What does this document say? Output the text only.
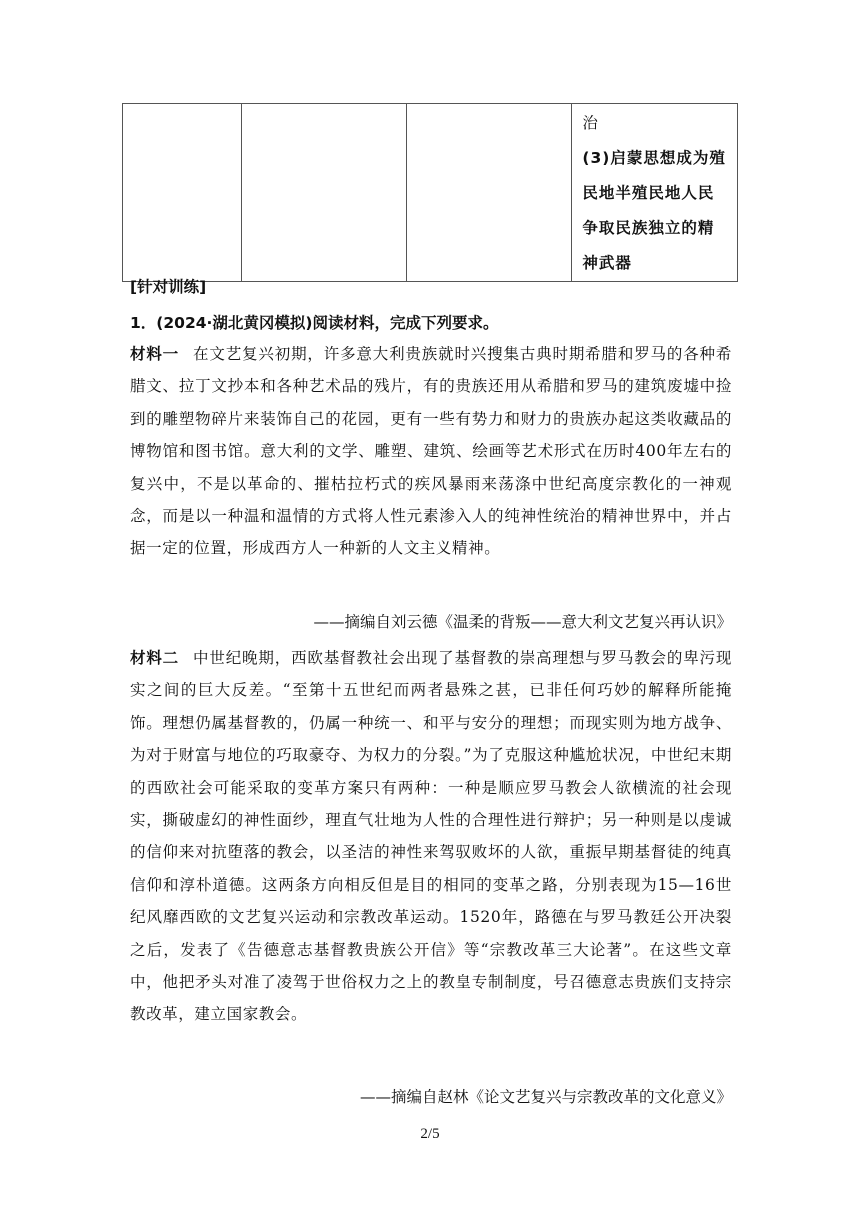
治
(3)启蒙思想成为殖
民地半殖民地人民
争取民族独立的精
神武器
[针对训练]
1．(2024·湖北黄冈模拟)阅读材料，完成下列要求。
材料一 在文艺复兴初期，许多意大利贵族就时兴搜集古典时期希腊和罗马的各种希腊文、拉丁文抄本和各种艺术品的残片，有的贵族还用从希腊和罗马的建筑废墟中捡到的雕塑物碎片来装饰自己的花园，更有一些有势力和财力的贵族办起这类收藏品的博物馆和图书馆。意大利的文学、雕塑、建筑、绘画等艺术形式在历时400年左右的复兴中，不是以革命的、摧枯拉朽式的疾风暴雨来荡涤中世纪高度宗教化的一神观念，而是以一种温和温情的方式将人性元素渗入人的纯神性统治的精神世界中，并占据一定的位置，形成西方人一种新的人文主义精神。
——摘编自刘云德《温柔的背叛——意大利文艺复兴再认识》
材料二 中世纪晚期，西欧基督教社会出现了基督教的崇高理想与罗马教会的卑污现实之间的巨大反差。“至第十五世纪而两者悬殊之甚，已非任何巧妙的解释所能掩饰。理想仍属基督教的，仍属一种统一、和平与安分的理想；而现实则为地方战争、为对于财富与地位的巧取豪夺、为权力的分裂。”为了克服这种尴尬状况，中世纪末期的西欧社会可能采取的变革方案只有两种：一种是顺应罗马教会人欲横流的社会现实，撕破虚幻的神性面纱，理直气壮地为人性的合理性进行辩护；另一种则是以虔诚的信仰来对抗堕落的教会，以圣洁的神性来驾驭败坏的人欲，重振早期基督徒的纯真信仰和淳朴道德。这两条方向相反但是目的相同的变革之路，分别表现为15—16世纪风靡西欧的文艺复兴运动和宗教改革运动。1520年，路德在与罗马教廷公开决裂之后，发表了《告德意志基督教贵族公开信》等“宗教改革三大论著”。在这些文章中，他把矛头对准了凌驾于世俗权力之上的教皇专制制度，号召德意志贵族们支持宗教改革，建立国家教会。
——摘编自赵林《论文艺复兴与宗教改革的文化意义》
2/5
